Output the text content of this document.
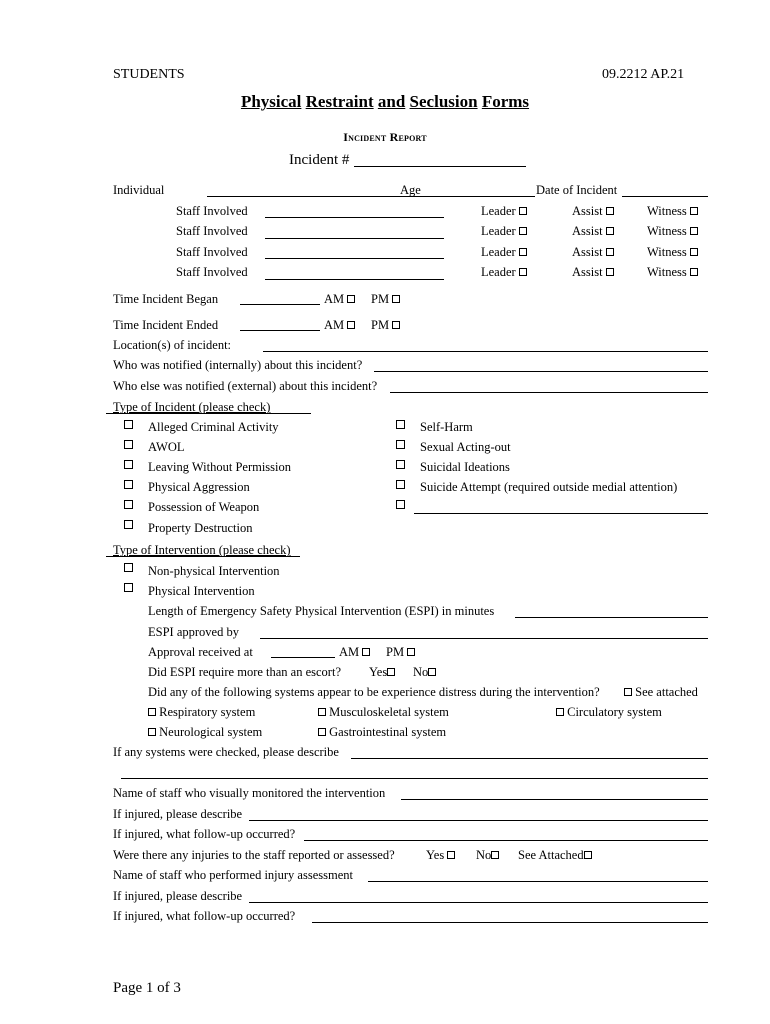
STUDENTS	09.2212 AP.21
Physical Restraint and Seclusion Forms
Incident Report
Incident #
Individual	Age	Date of Incident
Staff Involved	Leader	Assist	Witness
Staff Involved	Leader	Assist	Witness
Staff Involved	Leader	Assist	Witness
Staff Involved	Leader	Assist	Witness
Time Incident Began	AM	PM
Time Incident Ended	AM	PM
Location(s) of incident:
Who was notified (internally) about this incident?
Who else was notified (external) about this incident?
Type of Incident (please check)
Alleged Criminal Activity
AWOL
Leaving Without Permission
Physical Aggression
Possession of Weapon
Property Destruction
Self-Harm
Sexual Acting-out
Suicidal Ideations
Suicide Attempt (required outside medial attention)
Type of Intervention (please check)
Non-physical Intervention
Physical Intervention
Length of Emergency Safety Physical Intervention (ESPI) in minutes
ESPI approved by
Approval received at	AM	PM
Did ESPI require more than an escort? Yes	No
Did any of the following systems appear to be experience distress during the intervention?	See attached
Respiratory system	Musculoskeletal system	Circulatory system
Neurological system	Gastrointestinal system
If any systems were checked, please describe
Name of staff who visually monitored the intervention
If injured, please describe
If injured, what follow-up occurred?
Were there any injuries to the staff reported or assessed?	Yes	No	See Attached
Name of staff who performed injury assessment
If injured, please describe
If injured, what follow-up occurred?
Page 1 of 3
